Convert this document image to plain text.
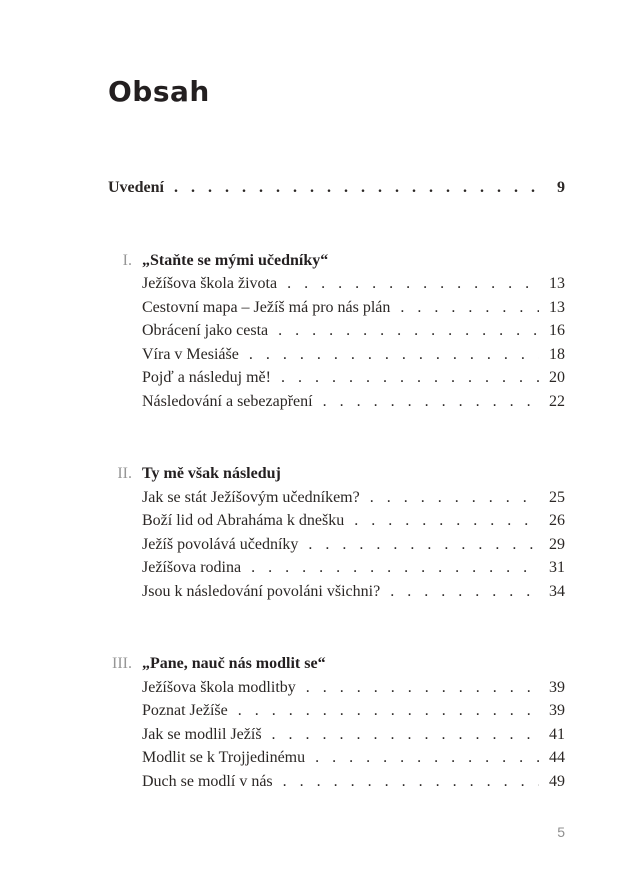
Obsah
Uvedení . . .	9
I. „Staňte se mými učedníky“
Ježíšova škola života . . .	13
Cestovní mapa – Ježíš má pro nás plán . . .	13
Obrácení jako cesta . . .	16
Víra v Mesiáše . . .	18
Pojď a následuj mě! . . .	20
Následování a sebezapření . . .	22
II. Ty mě však následuj
Jak se stát Ježíšovým učedníkem? . . .	25
Boží lid od Abraháma k dnešku . . .	26
Ježíš povolává učedníky . . .	29
Ježíšova rodina . . .	31
Jsou k následování povoláni všichni? . . .	34
III. „Pane, nauč nás modlit se“
Ježíšova škola modlitby . . .	39
Poznat Ježíše . . .	39
Jak se modlil Ježíš . . .	41
Modlit se k Trojjedinému . . .	44
Duch se modlí v nás . . .	49
5
